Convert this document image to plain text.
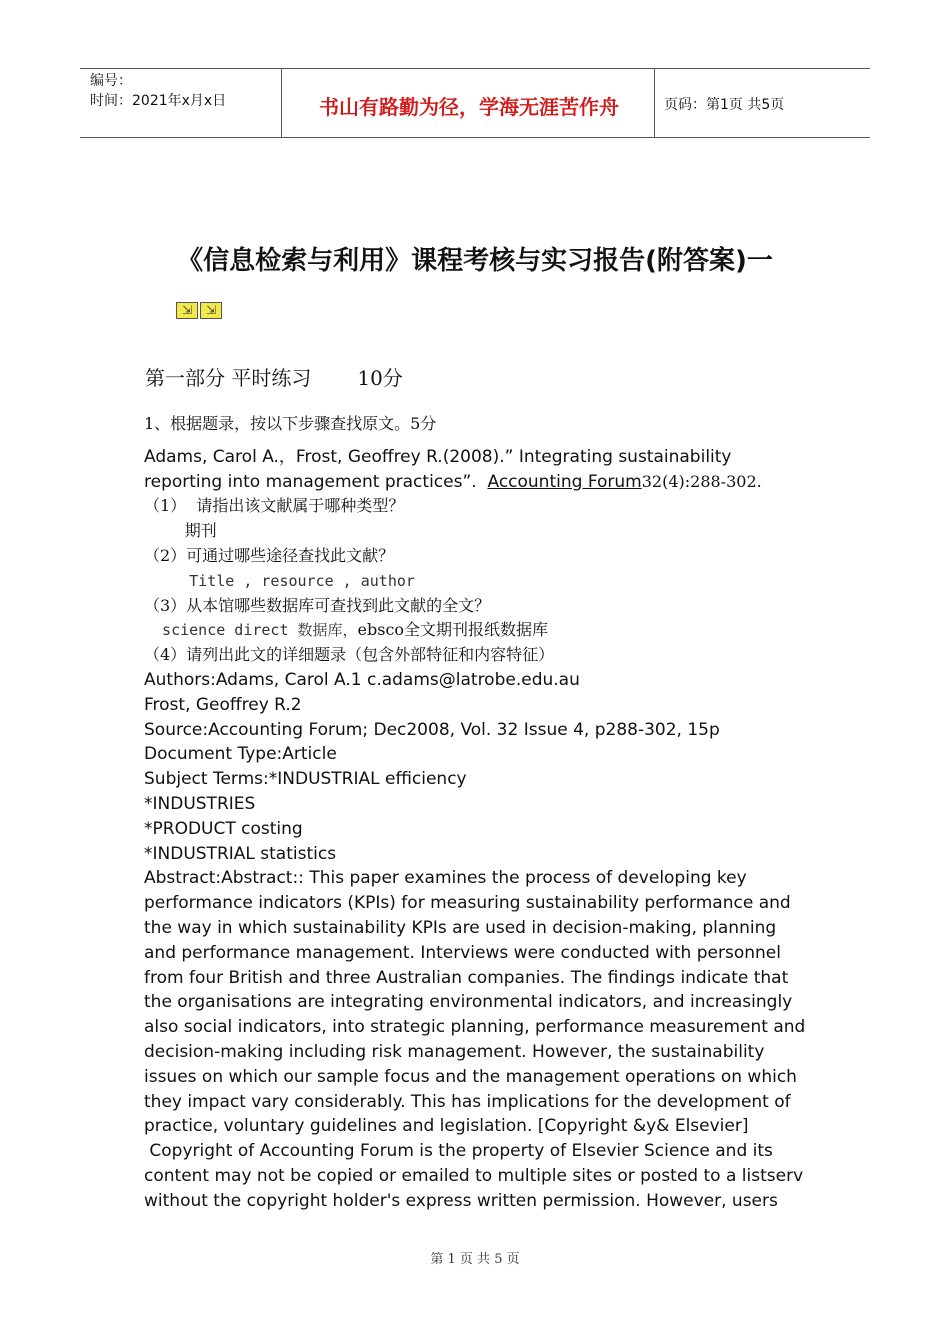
编号：
时间：2021年x月x日	书山有路勤为径，学海无涯苦作舟	页码：第1页 共5页
《信息检索与利用》课程考核与实习报告(附答案)一
⇲	⇲
第一部分 平时练习 10分
1、根据题录，按以下步骤查找原文。5分
Adams, Carol A.，Frost, Geoffrey R.(2008).” Integrating sustainability
reporting into management practices”.  Accounting Forum32(4):288-302.
（1）  请指出该文献属于哪种类型？
期刊
（2）可通过哪些途径查找此文献？
Title , resource , author
（3）从本馆哪些数据库可查找到此文献的全文？
science direct 数据库，ebsco全文期刊报纸数据库
（4）请列出此文的详细题录（包含外部特征和内容特征）
Authors:Adams, Carol A.1 c.adams@latrobe.edu.au
Frost, Geoffrey R.2
Source:Accounting Forum; Dec2008, Vol. 32 Issue 4, p288-302, 15p
Document Type:Article
Subject Terms:*INDUSTRIAL efficiency
*INDUSTRIES
*PRODUCT costing
*INDUSTRIAL statistics
Abstract:Abstract:: This paper examines the process of developing key
performance indicators (KPIs) for measuring sustainability performance and
the way in which sustainability KPIs are used in decision-making, planning
and performance management. Interviews were conducted with personnel
from four British and three Australian companies. The findings indicate that
the organisations are integrating environmental indicators, and increasingly
also social indicators, into strategic planning, performance measurement and
decision-making including risk management. However, the sustainability
issues on which our sample focus and the management operations on which
they impact vary considerably. This has implications for the development of
practice, voluntary guidelines and legislation. [Copyright &y& Elsevier]
Copyright of Accounting Forum is the property of Elsevier Science and its
content may not be copied or emailed to multiple sites or posted to a listserv
without the copyright holder's express written permission. However, users
第 1 页 共 5 页
